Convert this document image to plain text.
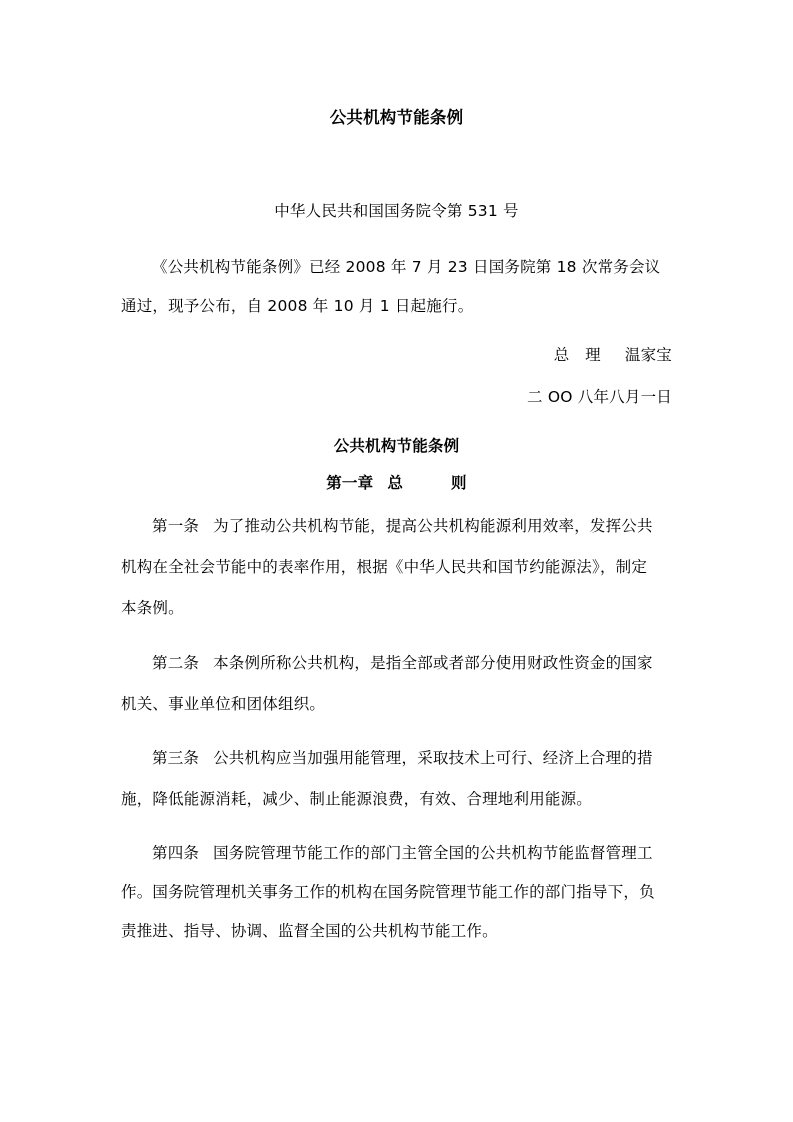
公共机构节能条例
中华人民共和国国务院令第 531 号
《公共机构节能条例》已经 2008 年 7 月 23 日国务院第 18 次常务会议
通过，现予公布，自 2008 年 10 月 1 日起施行。
总　理 温家宝
二 OO 八年八月一日
公共机构节能条例
第一章 总	则
第一条 为了推动公共机构节能，提高公共机构能源利用效率，发挥公共
机构在全社会节能中的表率作用，根据《中华人民共和国节约能源法》，制定
本条例。
第二条 本条例所称公共机构，是指全部或者部分使用财政性资金的国家
机关、事业单位和团体组织。
第三条 公共机构应当加强用能管理，采取技术上可行、经济上合理的措
施，降低能源消耗，减少、制止能源浪费，有效、合理地利用能源。
第四条 国务院管理节能工作的部门主管全国的公共机构节能监督管理工
作。国务院管理机关事务工作的机构在国务院管理节能工作的部门指导下，负
责推进、指导、协调、监督全国的公共机构节能工作。
